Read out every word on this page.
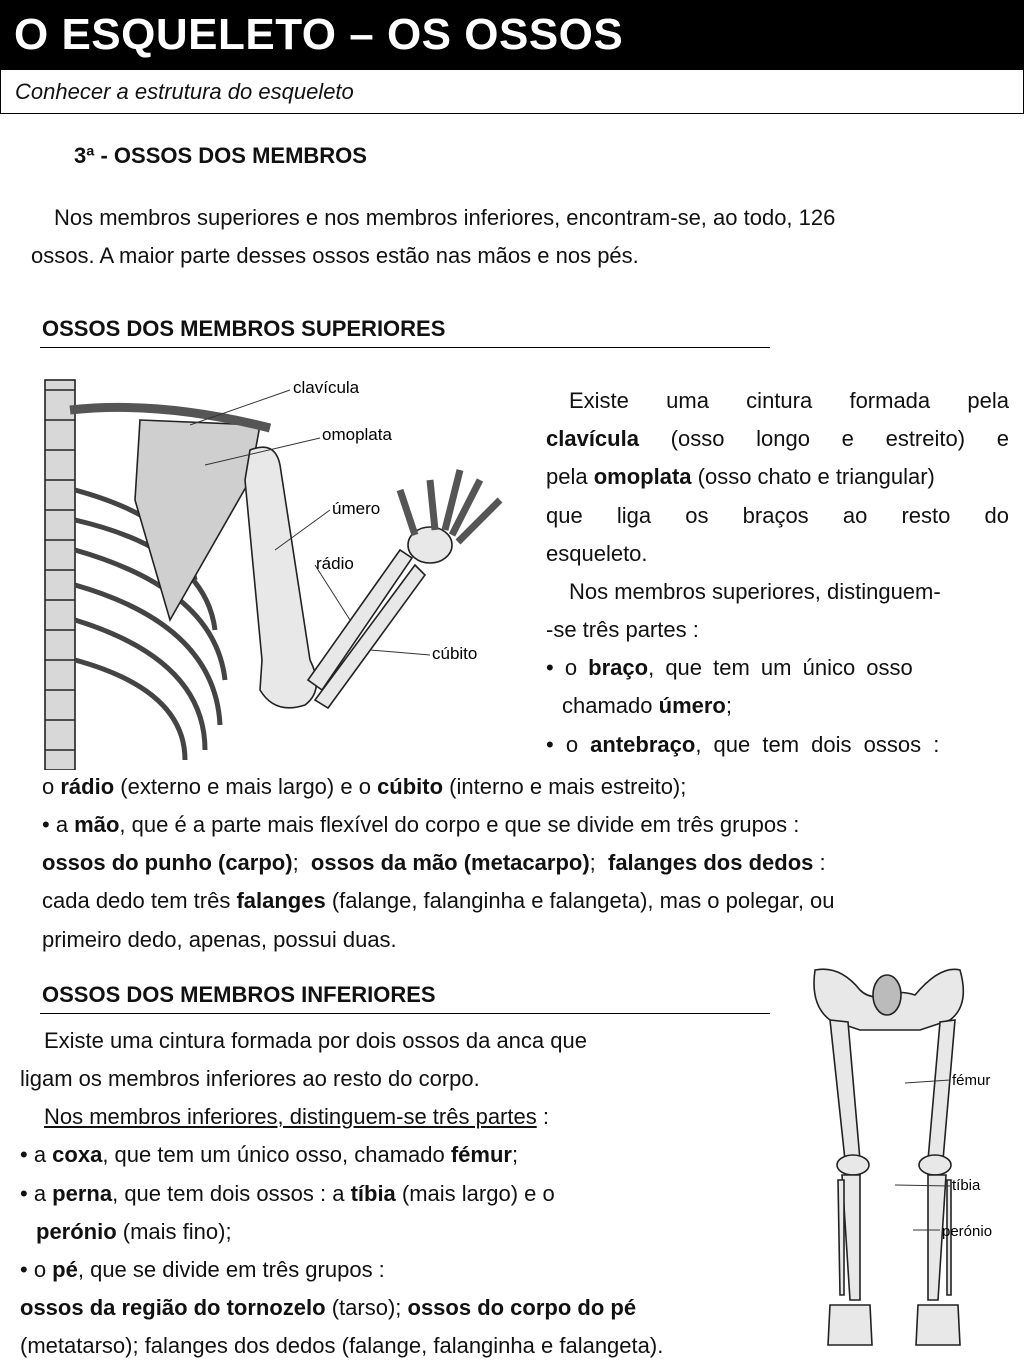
O ESQUELETO – OS OSSOS
Conhecer a estrutura do esqueleto
3ª - OSSOS DOS MEMBROS

Nos membros superiores e nos membros inferiores, encontram-se, ao todo, 126

ossos. A maior parte desses ossos estão nas mãos e nos pés.

OSSOS DOS MEMBROS SUPERIORES
clavícula
omoplata
úmero
rádio
cúbito
Existe uma cintura formada pela
clavícula (osso longo e estreito) e
pela omoplata (osso chato e triangular)
que liga os braços ao resto do
esqueleto.
Nos membros superiores, distinguem-
-se três partes :
• o braço, que tem um único osso
chamado úmero;
• o antebraço, que tem dois ossos :
o rádio (externo e mais largo) e o cúbito (interno e mais estreito);
• a mão, que é a parte mais flexível do corpo e que se divide em três grupos :
ossos do punho (carpo);  ossos da mão (metacarpo);  falanges dos dedos :
cada dedo tem três falanges (falange, falanginha e falangeta), mas o polegar, ou
primeiro dedo, apenas, possui duas.
OSSOS DOS MEMBROS INFERIORES
fémur
tíbia
perónio
Existe uma cintura formada por dois ossos da anca que
ligam os membros inferiores ao resto do corpo.
Nos membros inferiores, distinguem-se três partes :
• a coxa, que tem um único osso, chamado fémur;
• a perna, que tem dois ossos : a tíbia (mais largo) e o
perónio (mais fino);
• o pé, que se divide em três grupos :
ossos da região do tornozelo (tarso); ossos do corpo do pé
(metatarso); falanges dos dedos (falange, falanginha e falangeta).
